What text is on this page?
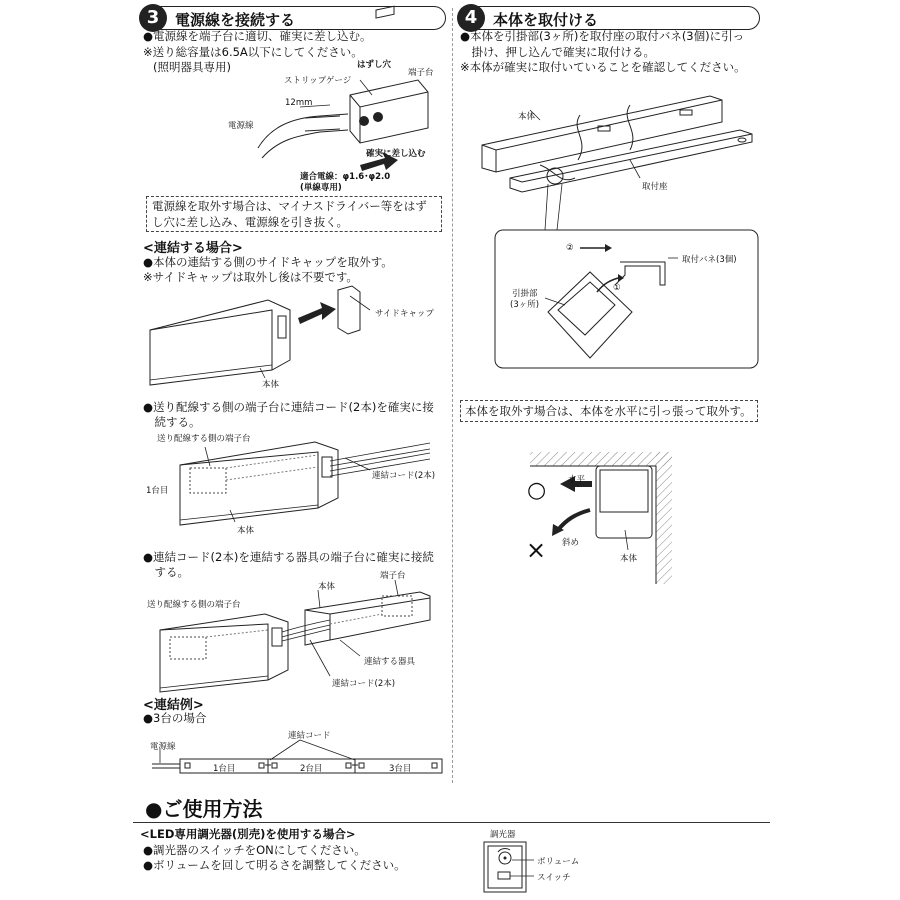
3	電源線を接続する
●電源線を端子台に適切、確実に差し込む。
※送り総容量は6.5A以下にしてください。
(照明器具専用)	はずし穴
ストリップゲージ
端子台
12mm
電源線
確実に差し込む
適合電線：φ1.6･φ2.0
(単線専用)
電源線を取外す場合は、マイナスドライバー等をはず
し穴に差し込み、電源線を引き抜く。
<連結する場合>
●本体の連結する側のサイドキャップを取外す。
※サイドキャップは取外し後は不要です。
サイドキャップ
本体
●送り配線する側の端子台に連結コード(2本)を確実に接
　続する。
送り配線する側の端子台
連結コード(2本)
1台目
本体
●連結コード(2本)を連結する器具の端子台に確実に接続
　する。
本体
端子台
送り配線する側の端子台
連結する器具
連結コード(2本)
<連結例>
●3台の場合
連結コード
電源線
1台目	2台目	3台目
4	本体を取付ける
●本体を引掛部(3ヶ所)を取付座の取付バネ(3個)に引っ
　掛け、押し込んで確実に取付ける。
※本体が確実に取付いていることを確認してください。
本体
取付座
②
①
取付バネ(3個)
引掛部
(3ヶ所)
本体を取外す場合は、本体を水平に引っ張って取外す。
○
×
水平
斜め
本体
●ご使用方法
<LED専用調光器(別売)を使用する場合>
●調光器のスイッチをONにしてください。
●ボリュームを回して明るさを調整してください。
調光器
ボリューム
スイッチ
